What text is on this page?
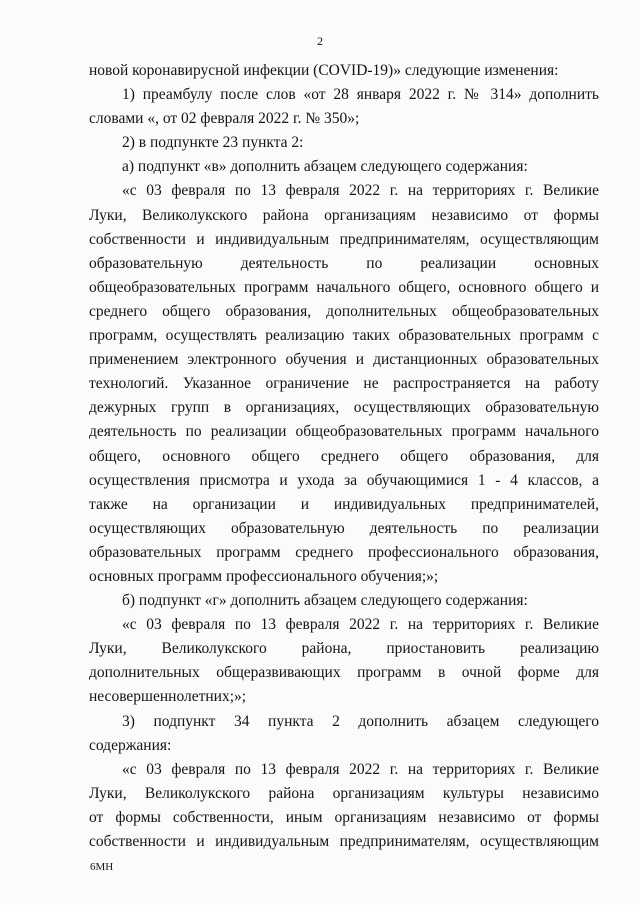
2
новой коронавирусной инфекции (COVID-19)» следующие изменения:
1) преамбулу после слов «от 28 января 2022 г. № 314» дополнить
словами «, от 02 февраля 2022 г. № 350»;
2) в подпункте 23 пункта 2:
а) подпункт «в» дополнить абзацем следующего содержания:
«с 03 февраля по 13 февраля 2022 г. на территориях г. Великие
Луки, Великолукского района организациям независимо от формы
собственности и индивидуальным предпринимателям, осуществляющим
образовательную деятельность по реализации основных
общеобразовательных программ начального общего, основного общего и
среднего общего образования, дополнительных общеобразовательных
программ, осуществлять реализацию таких образовательных программ с
применением электронного обучения и дистанционных образовательных
технологий. Указанное ограничение не распространяется на работу
дежурных групп в организациях, осуществляющих образовательную
деятельность по реализации общеобразовательных программ начального
общего, основного общего среднего общего образования, для
осуществления присмотра и ухода за обучающимися 1 - 4 классов, а
также на организации и индивидуальных предпринимателей,
осуществляющих образовательную деятельность по реализации
образовательных программ среднего профессионального образования,
основных программ профессионального обучения;»;
б) подпункт «г» дополнить абзацем следующего содержания:
«с 03 февраля по 13 февраля 2022 г. на территориях г. Великие
Луки, Великолукского района, приостановить реализацию
дополнительных общеразвивающих программ в очной форме для
несовершеннолетних;»;
3) подпункт 34 пункта 2 дополнить абзацем следующего
содержания:
«с 03 февраля по 13 февраля 2022 г. на территориях г. Великие
Луки, Великолукского района организациям культуры независимо
от формы собственности, иным организациям независимо от формы
собственности и индивидуальным предпринимателям, осуществляющим
6МН
